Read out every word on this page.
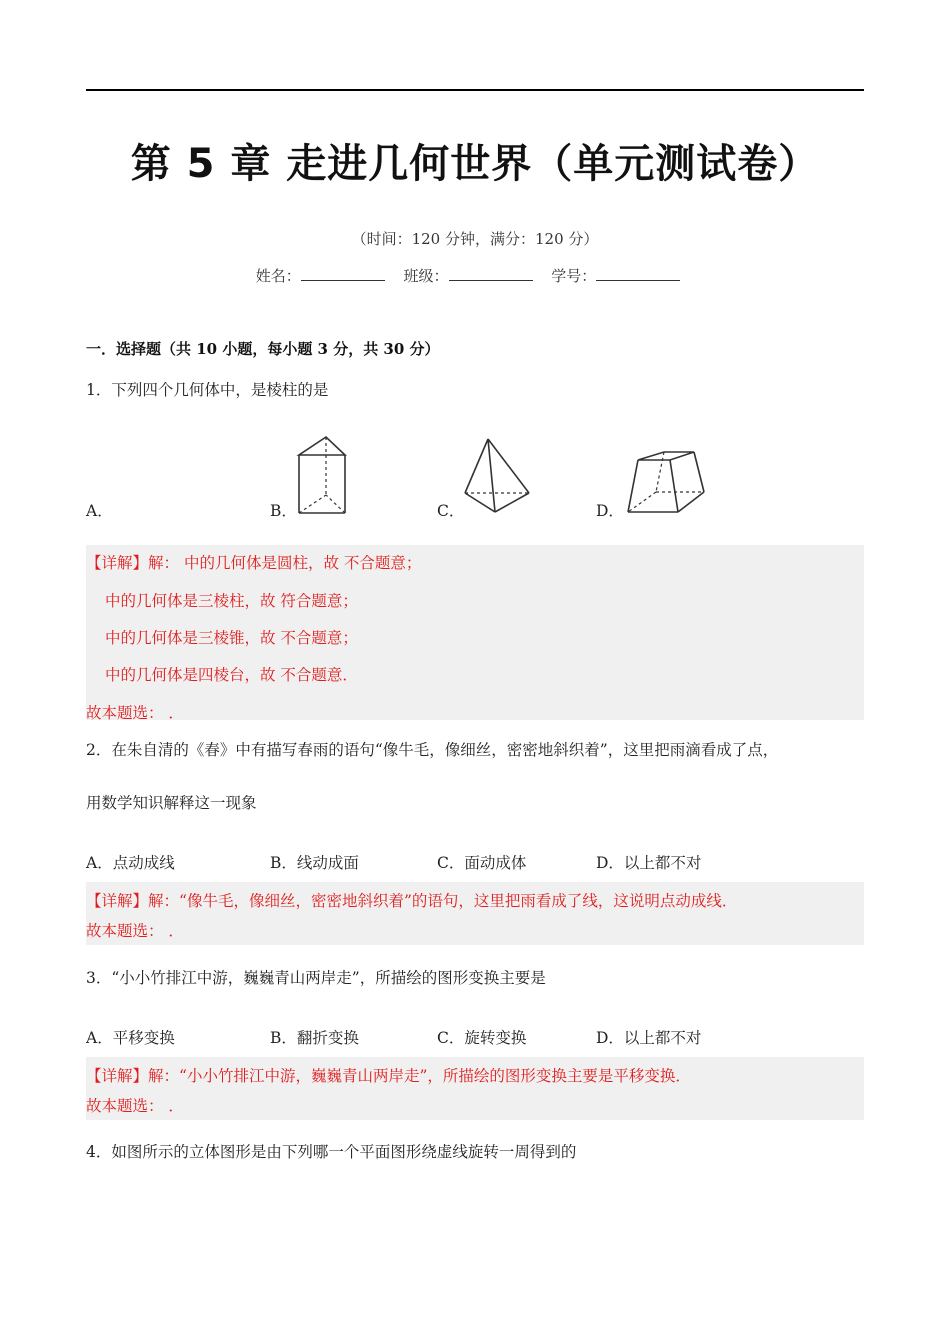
第 5 章 走进几何世界（单元测试卷）
（时间：120 分钟，满分：120 分）
姓名：	班级：	学号：
一．选择题（共 10 小题，每小题 3 分，共 30 分）
1．下列四个几何体中，是棱柱的是
A．	B．	C．	D．
【详解】解： 中的几何体是圆柱，故 不合题意；
中的几何体是三棱柱，故 符合题意；
中的几何体是三棱锥，故 不合题意；
中的几何体是四棱台，故 不合题意．
故本题选： ．
2．在朱自清的《春》中有描写春雨的语句“像牛毛，像细丝，密密地斜织着”，这里把雨滴看成了点，
用数学知识解释这一现象
A．点动成线	B．线动成面	C．面动成体	D．以上都不对
【详解】解：“像牛毛，像细丝，密密地斜织着”的语句，这里把雨看成了线，这说明点动成线．
故本题选： ．
3．“小小竹排江中游，巍巍青山两岸走”，所描绘的图形变换主要是
A．平移变换	B．翻折变换	C．旋转变换	D．以上都不对
【详解】解：“小小竹排江中游，巍巍青山两岸走”，所描绘的图形变换主要是平移变换．
故本题选： ．
4．如图所示的立体图形是由下列哪一个平面图形绕虚线旋转一周得到的
